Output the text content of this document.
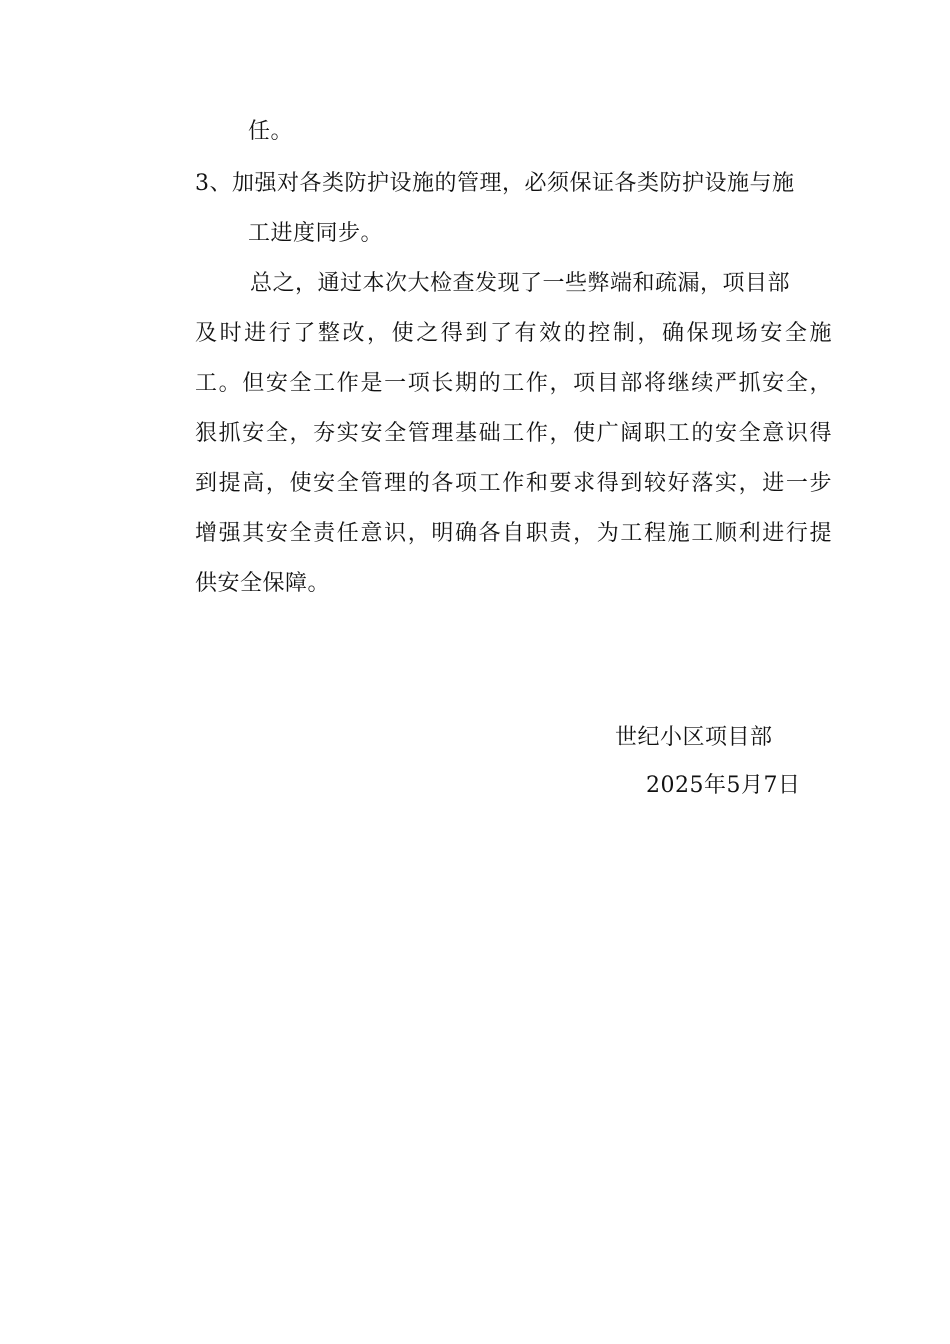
任。
3、加强对各类防护设施的管理，必须保证各类防护设施与施
工进度同步。
总之，通过本次大检查发现了一些弊端和疏漏，项目部
及时进行了整改，使之得到了有效的控制，确保现场安全施
工。但安全工作是一项长期的工作，项目部将继续严抓安全，
狠抓安全，夯实安全管理基础工作，使广阔职工的安全意识得
到提高，使安全管理的各项工作和要求得到较好落实，进一步
增强其安全责任意识，明确各自职责，为工程施工顺利进行提
供安全保障。
世纪小区项目部
2025年5月7日
